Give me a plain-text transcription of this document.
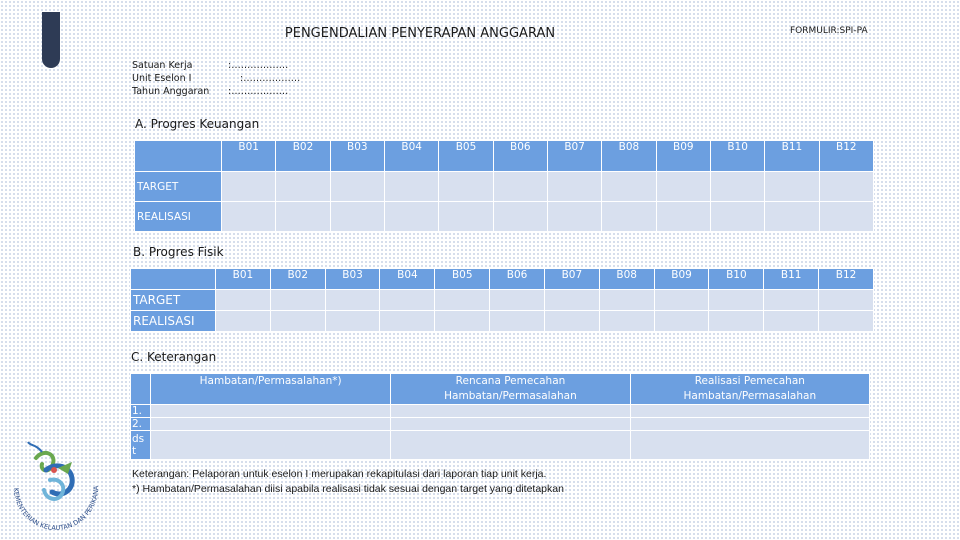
PENGENDALIAN PENYERAPAN ANGGARAN	FORMULIR:SPI-PA
Satuan Kerja	:………………
Unit Eselon I	:………………
Tahun Anggaran :………………
A. Progres Keuangan
	B01	B02	B03	B04	B05	B06	B07	B08	B09	B10	B11	B12
TARGET												
REALISASI												
B. Progres Fisik
	B01	B02	B03	B04	B05	B06	B07	B08	B09	B10	B11	B12
TARGET												
REALISASI												
C. Keterangan
	Hambatan/Permasalahan*)	Rencana Pemecahan Hambatan/Permasalahan	Realisasi Pemecahan Hambatan/Permasalahan
1.			
2.			
ds t			
Keterangan: Pelaporan untuk eselon I merupakan rekapitulasi dari laporan tiap unit kerja.
*) Hambatan/Permasalahan diisi apabila realisasi tidak sesuai dengan target yang ditetapkan
KEMENTERIAN KELAUTAN DAN PERIKANA
